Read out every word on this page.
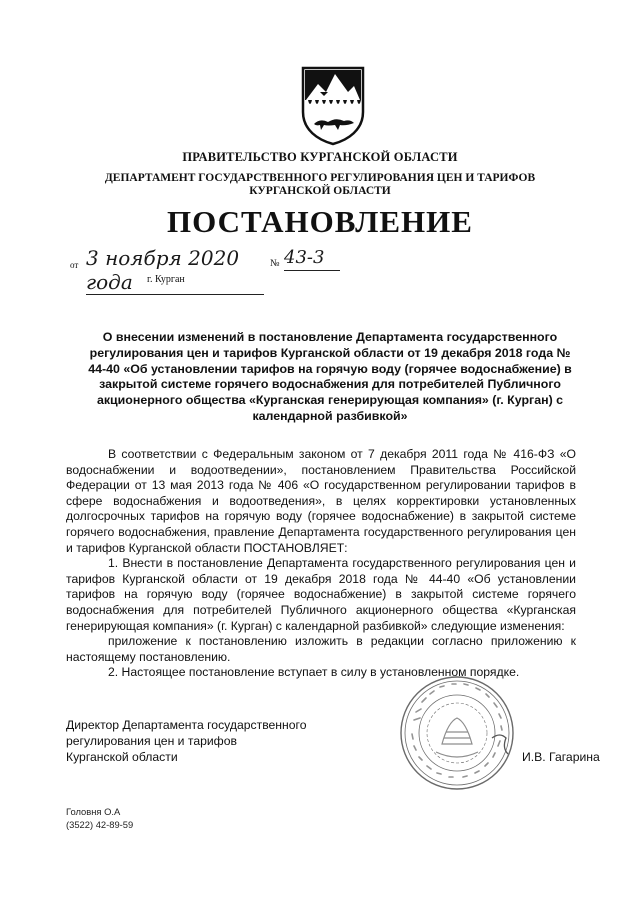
ПРАВИТЕЛЬСТВО КУРГАНСКОЙ ОБЛАСТИ
ДЕПАРТАМЕНТ ГОСУДАРСТВЕННОГО РЕГУЛИРОВАНИЯ ЦЕН И ТАРИФОВ
КУРГАНСКОЙ ОБЛАСТИ
ПОСТАНОВЛЕНИЕ
от 3 ноября 2020 года
№ 43-3
г. Курган
О внесении изменений в постановление Департамента государственного регулирования цен и тарифов Курганской области от 19 декабря 2018 года № 44-40 «Об установлении тарифов на горячую воду (горячее водоснабжение) в закрытой системе горячего водоснабжения для потребителей Публичного акционерного общества «Курганская генерирующая компания» (г. Курган) с календарной разбивкой»

В соответствии с Федеральным законом от 7 декабря 2011 года № 416-ФЗ «О водоснабжении и водоотведении», постановлением Правительства Российской Федерации от 13 мая 2013 года № 406 «О государственном регулировании тарифов в сфере водоснабжения и водоотведения», в целях корректировки установленных долгосрочных тарифов на горячую воду (горячее водоснабжение) в закрытой системе горячего водоснабжения, правление Департамента государственного регулирования цен и тарифов Курганской области ПОСТАНОВЛЯЕТ:

1. Внести в постановление Департамента государственного регулирования цен и тарифов Курганской области от 19 декабря 2018 года № 44-40 «Об установлении тарифов на горячую воду (горячее водоснабжение) в закрытой системе горячего водоснабжения для потребителей Публичного акционерного общества «Курганская генерирующая компания» (г. Курган) с календарной разбивкой» следующие изменения:

приложение к постановлению изложить в редакции согласно приложению к настоящему постановлению.

2. Настоящее постановление вступает в силу в установленном порядке.

Директор Департамента государственного
регулирования цен и тарифов
Курганской области	И.В. Гагарина
Головня О.А
(3522) 42-89-59
